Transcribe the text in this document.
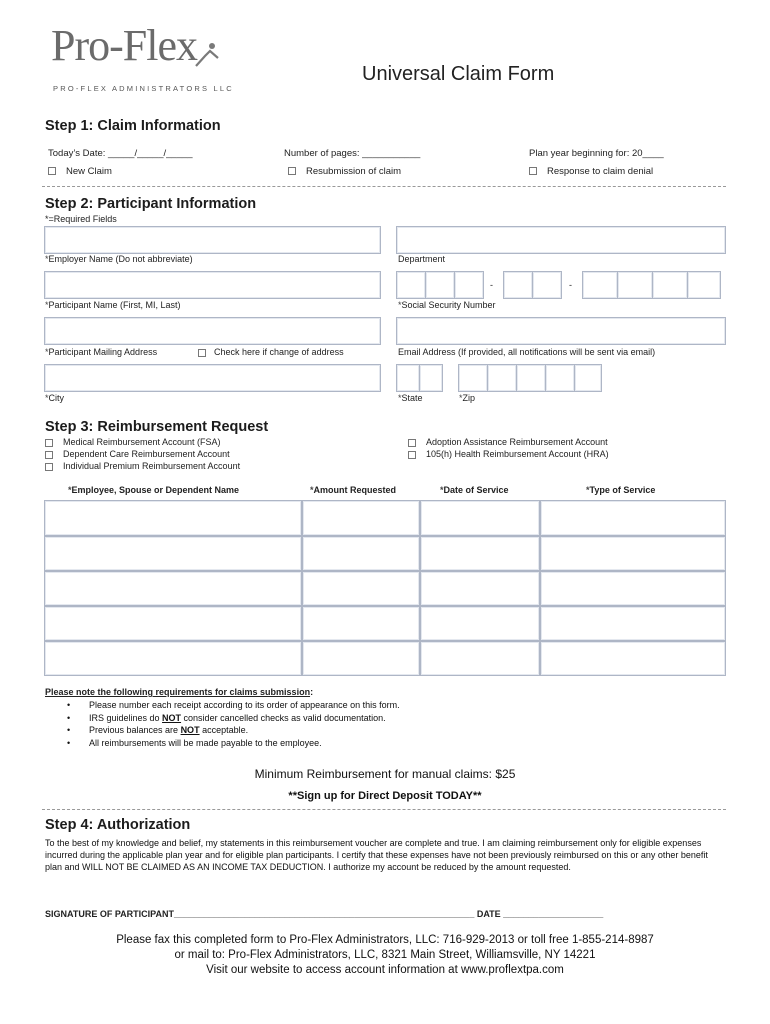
Pro-Flex
PRO-FLEX ADMINISTRATORS LLC
Universal Claim Form
Step 1: Claim Information
Today’s Date: _____/_____/_____	Number of pages: ___________	Plan year beginning for: 20____
New Claim	Resubmission of claim	Response to claim denial
Step 2: Participant Information
*=Required Fields
*Employer Name (Do not abbreviate)	Department
-	-
*Participant Name (First, MI, Last)	*Social Security Number
*Participant Mailing Address	Check here if change of address	Email Address (If provided, all notifications will be sent via email)
*City	*State	*Zip
Step 3: Reimbursement Request
Medical Reimbursement Account (FSA)
Dependent Care Reimbursement Account
Individual Premium Reimbursement Account
Adoption Assistance Reimbursement Account
105(h) Health Reimbursement Account (HRA)
*Employee, Spouse or Dependent Name	*Amount Requested	*Date of Service	*Type of Service
Please note the following requirements for claims submission:
• Please number each receipt according to its order of appearance on this form.
• IRS guidelines do NOT consider cancelled checks as valid documentation.
• Previous balances are NOT acceptable.
• All reimbursements will be made payable to the employee.
Minimum Reimbursement for manual claims: $25
**Sign up for Direct Deposit TODAY**
Step 4: Authorization
To the best of my knowledge and belief, my statements in this reimbursement voucher are complete and true. I am claiming reimbursement only for eligible expenses incurred during the applicable plan year and for eligible plan participants. I certify that these expenses have not been previously reimbursed on this or any other benefit plan and WILL NOT BE CLAIMED AS AN INCOME TAX DEDUCTION. I authorize my account be reduced by the amount requested.
SIGNATURE OF PARTICIPANT____________________________________________________________ DATE ____________________
Please fax this completed form to Pro-Flex Administrators, LLC: 716-929-2013 or toll free 1-855-214-8987
or mail to: Pro-Flex Administrators, LLC, 8321 Main Street, Williamsville, NY 14221
Visit our website to access account information at www.proflextpa.com
